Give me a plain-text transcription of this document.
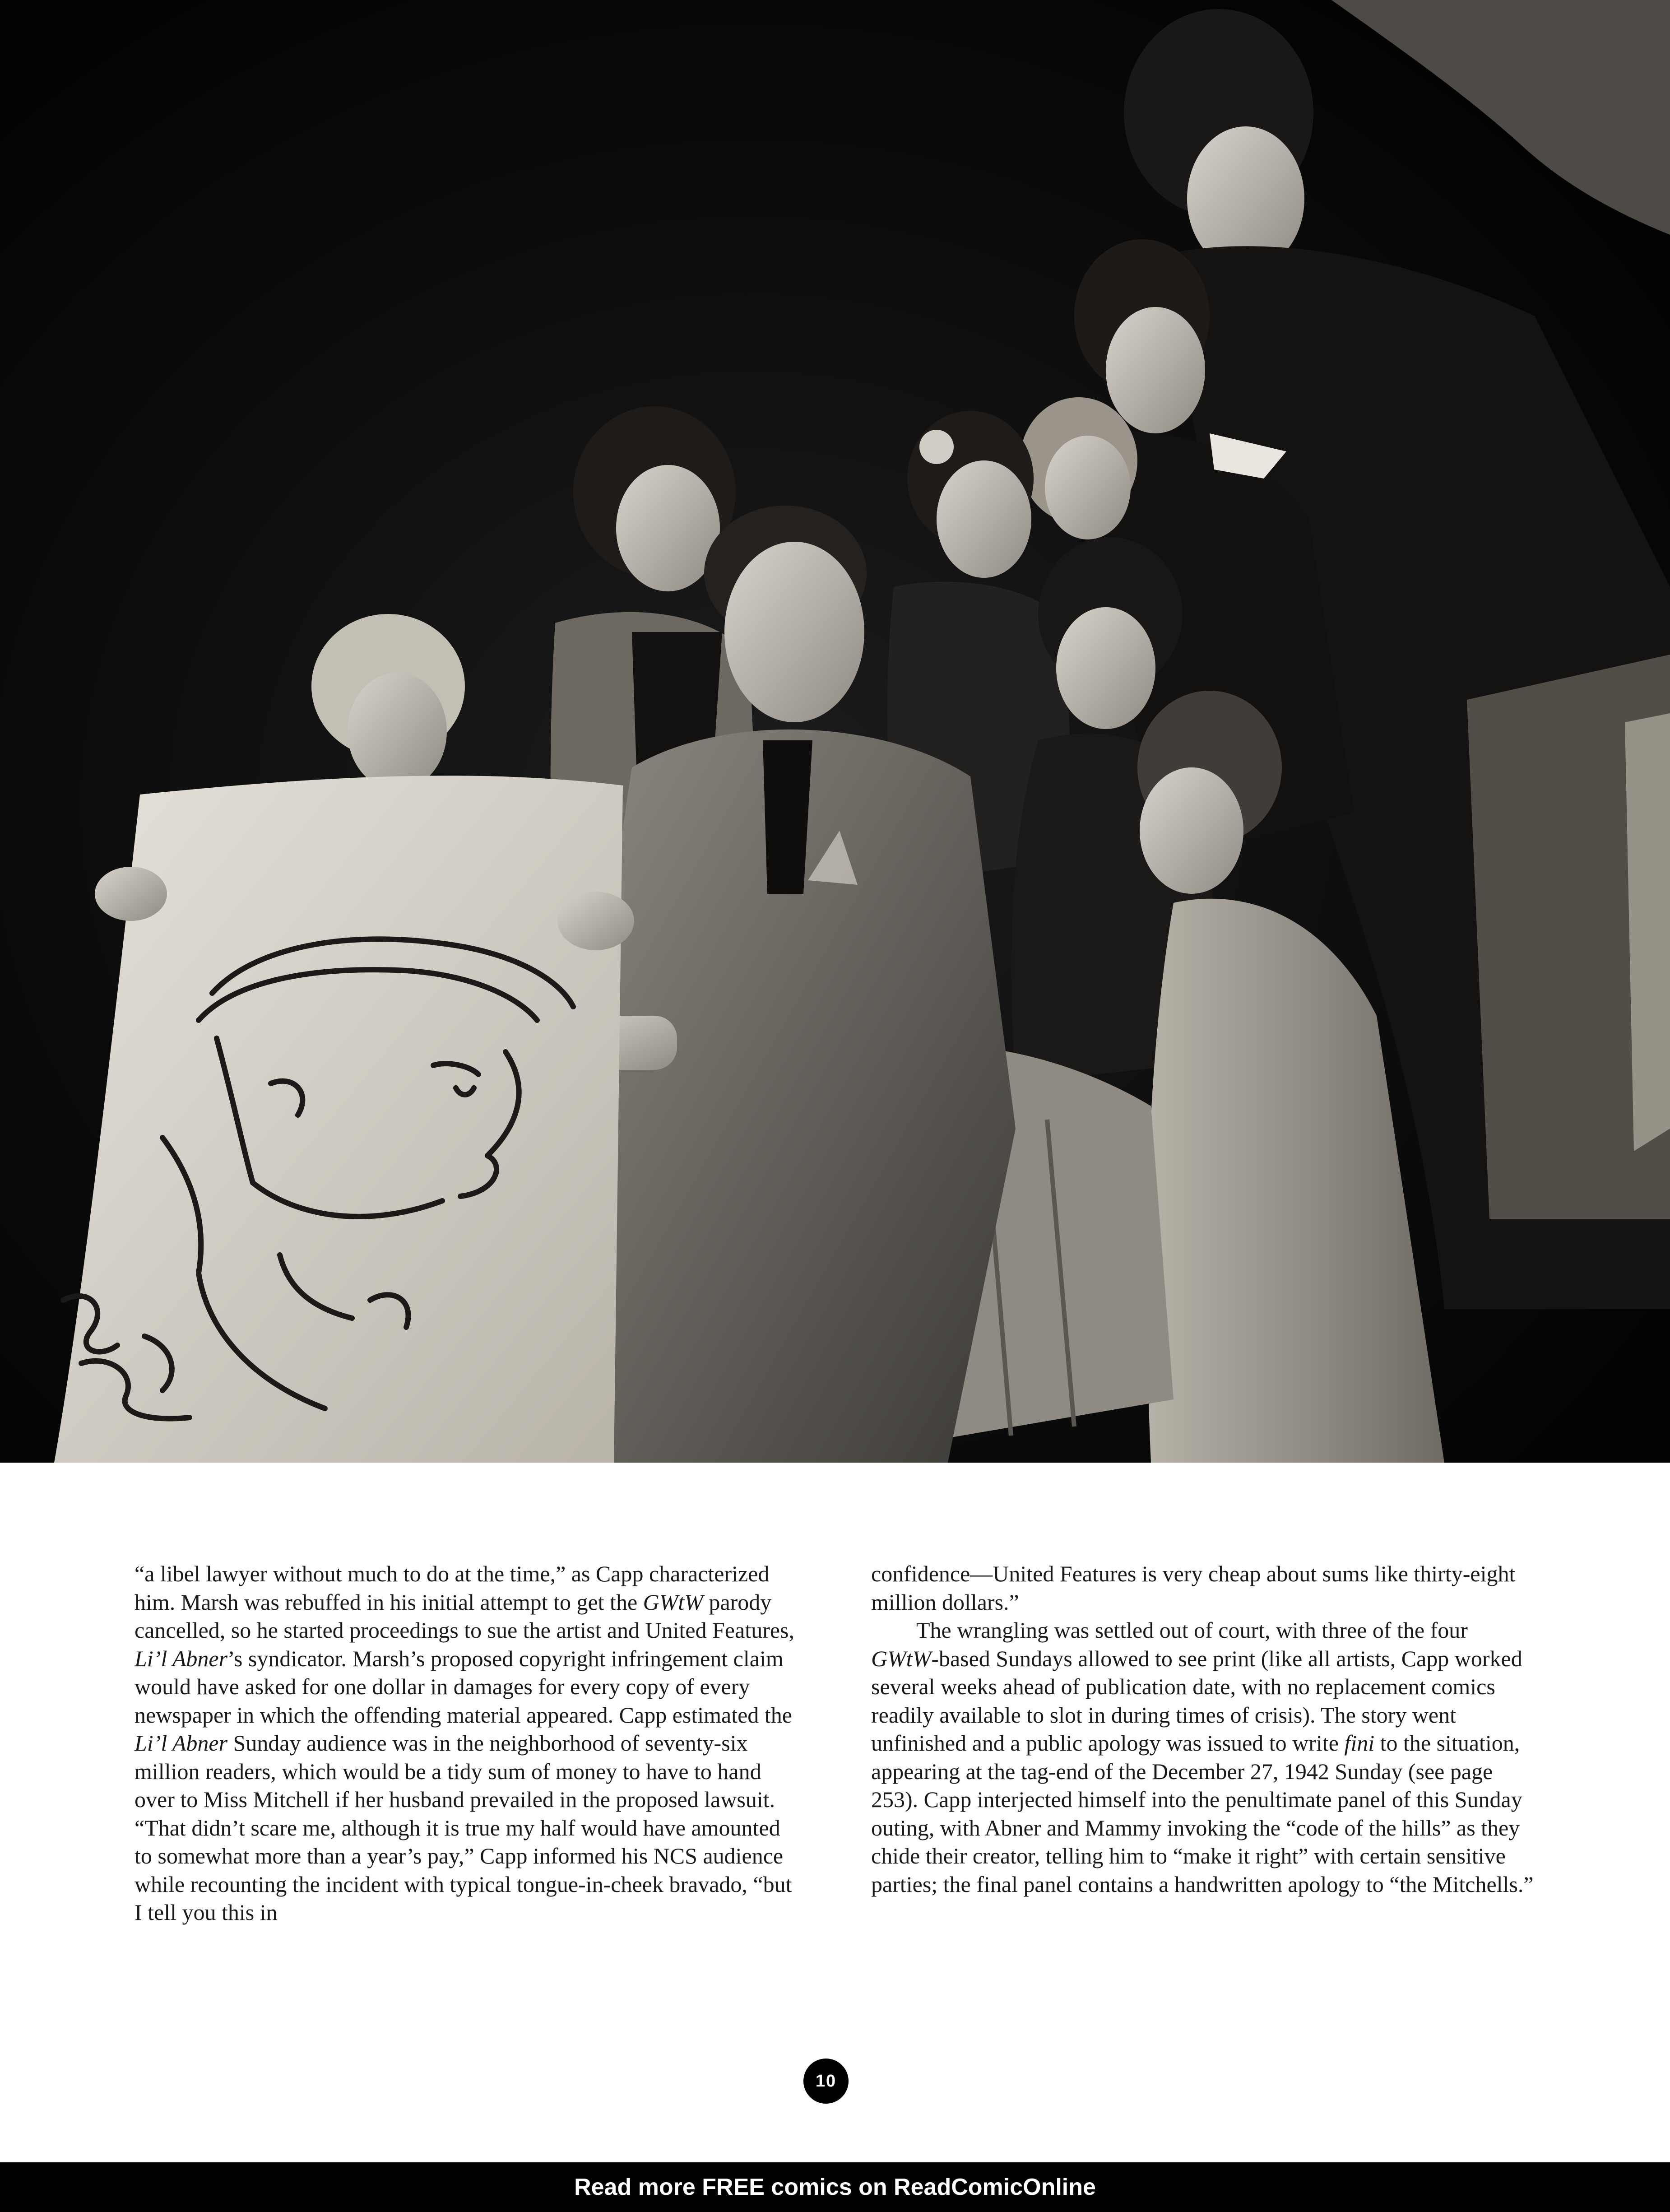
“a libel lawyer without much to do at the time,” as Capp characterized him. Marsh was rebuffed in his initial attempt to get the GWtW parody cancelled, so he started proceedings to sue the artist and United Features, Li’l Abner’s syndicator. Marsh’s proposed copyright infringement claim would have asked for one dollar in damages for every copy of every newspaper in which the offending material appeared. Capp estimated the Li’l Abner Sunday audience was in the neighborhood of seventy-six million readers, which would be a tidy sum of money to have to hand over to Miss Mitchell if her husband prevailed in the proposed lawsuit. “That didn’t scare me, although it is true my half would have amounted to somewhat more than a year’s pay,” Capp informed his NCS audience while recounting the incident with typical tongue-in-cheek bravado, “but I tell you this in

confidence—United Features is very cheap about sums like thirty-eight million dollars.”

The wrangling was settled out of court, with three of the four GWtW-based Sundays allowed to see print (like all artists, Capp worked several weeks ahead of publication date, with no replacement comics readily available to slot in during times of crisis). The story went unfinished and a public apology was issued to write fini to the situation, appearing at the tag-end of the December 27, 1942 Sunday (see page 253). Capp interjected himself into the penultimate panel of this Sunday outing, with Abner and Mammy invoking the “code of the hills” as they chide their creator, telling him to “make it right” with certain sensitive parties; the final panel contains a handwritten apology to “the Mitchells.”

10
Read more FREE comics on ReadComicOnline
